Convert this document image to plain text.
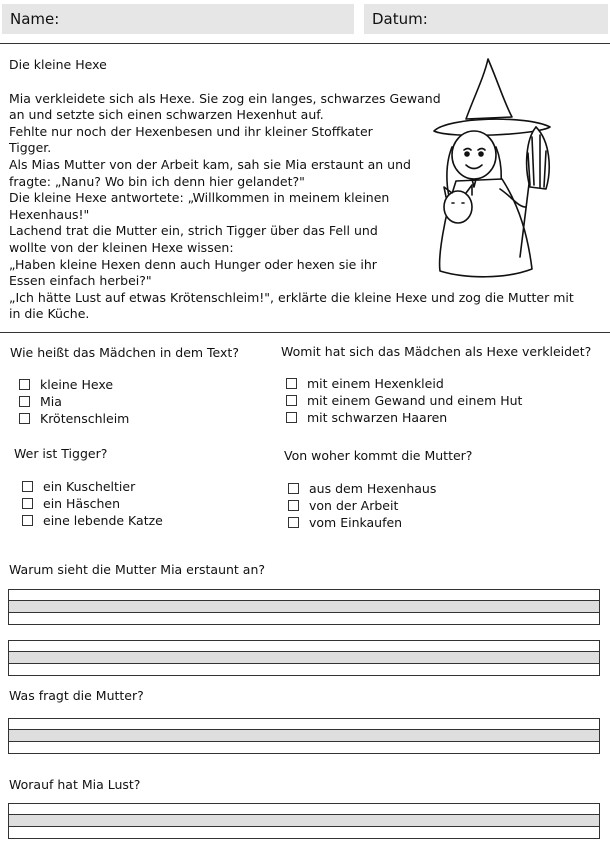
Name:	Datum:
Die kleine Hexe
Mia verkleidete sich als Hexe. Sie zog ein langes, schwarzes Gewand
an und setzte sich einen schwarzen Hexenhut auf.
Fehlte nur noch der Hexenbesen und ihr kleiner Stoffkater
Tigger.
Als Mias Mutter von der Arbeit kam, sah sie Mia erstaunt an und
fragte: „Nanu? Wo bin ich denn hier gelandet?"
Die kleine Hexe antwortete: „Willkommen in meinem kleinen
Hexenhaus!"
Lachend trat die Mutter ein, strich Tigger über das Fell und
wollte von der kleinen Hexe wissen:
„Haben kleine Hexen denn auch Hunger oder hexen sie ihr
Essen einfach herbei?"
„Ich hätte Lust auf etwas Krötenschleim!", erklärte die kleine Hexe und zog die Mutter mit
in die Küche.
Wie heißt das Mädchen in dem Text?
kleine Hexe
Mia
Krötenschleim
Womit hat sich das Mädchen als Hexe verkleidet?
mit einem Hexenkleid
mit einem Gewand und einem Hut
mit schwarzen Haaren
Wer ist Tigger?
ein Kuscheltier
ein Häschen
eine lebende Katze
Von woher kommt die Mutter?
aus dem Hexenhaus
von der Arbeit
vom Einkaufen
Warum sieht die Mutter Mia erstaunt an?
Was fragt die Mutter?
Worauf hat Mia Lust?
